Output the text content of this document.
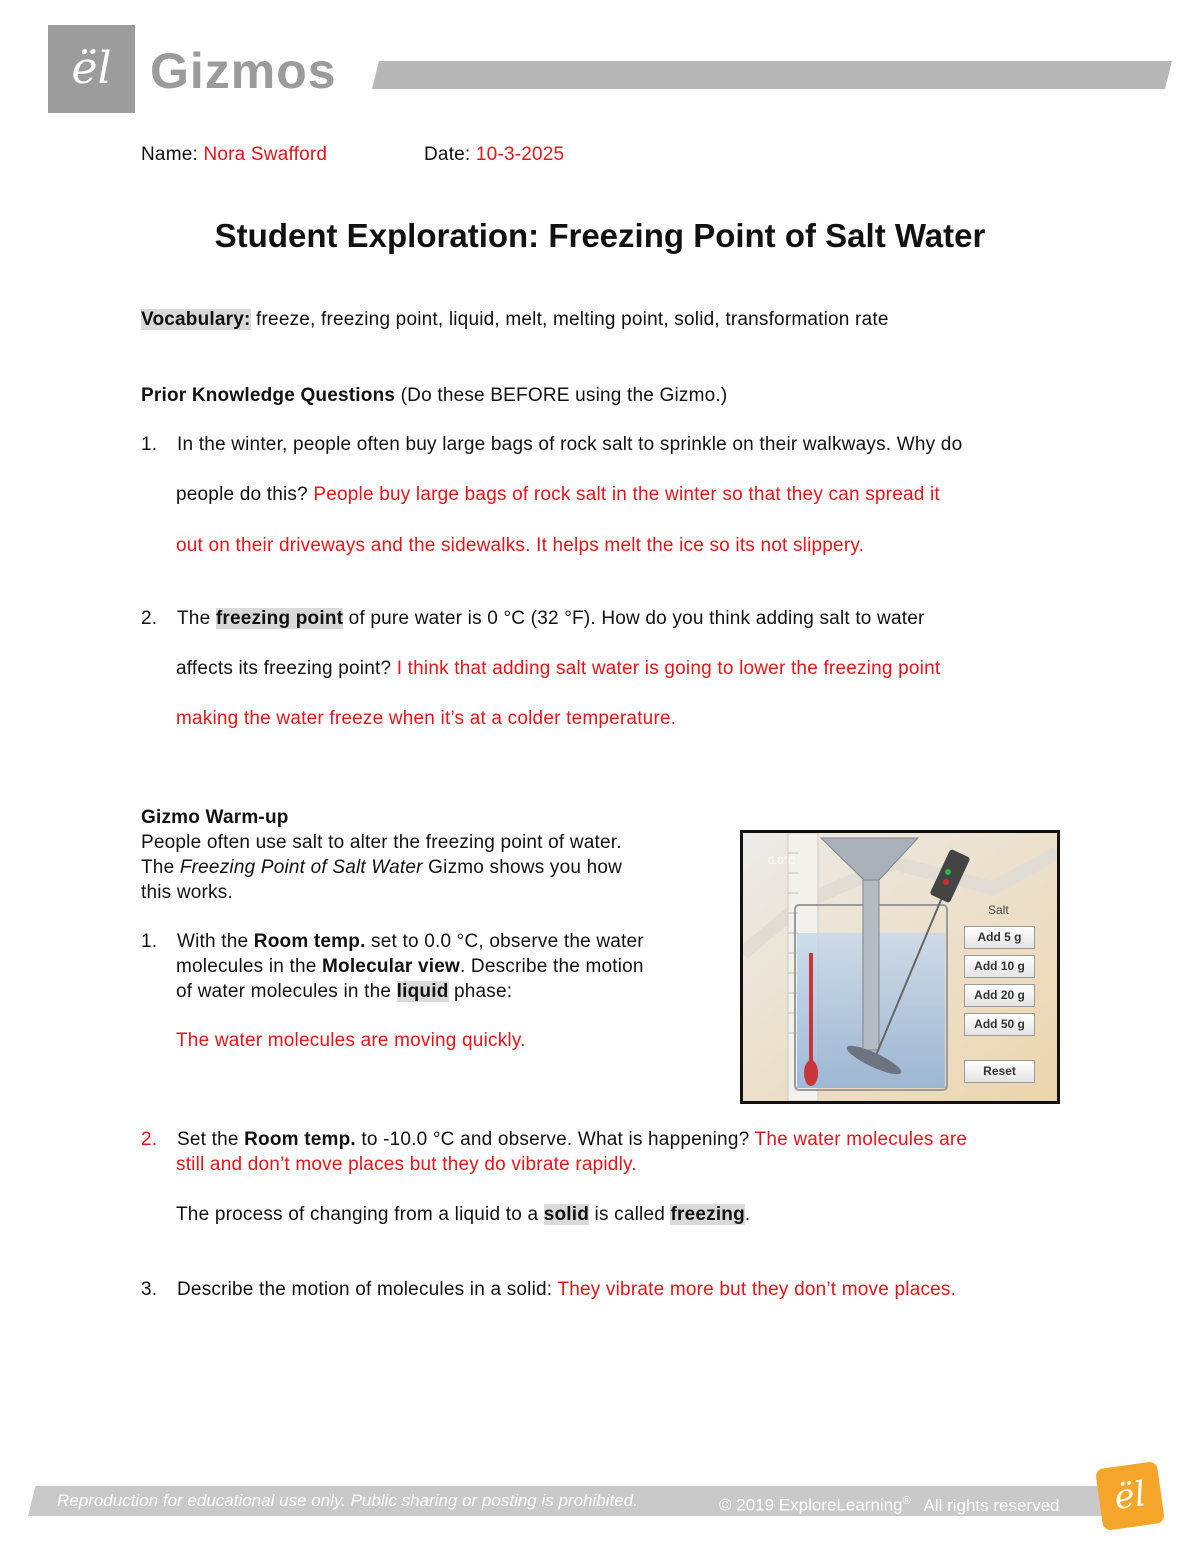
ël Gizmos
Name: Nora Swafford	Date: 10-3-2025
Student Exploration: Freezing Point of Salt Water
Vocabulary: freeze, freezing point, liquid, melt, melting point, solid, transformation rate
Prior Knowledge Questions (Do these BEFORE using the Gizmo.)
1. In the winter, people often buy large bags of rock salt to sprinkle on their walkways. Why do
people do this? People buy large bags of rock salt in the winter so that they can spread it
out on their driveways and the sidewalks. It helps melt the ice so its not slippery.
2. The freezing point of pure water is 0 °C (32 °F). How do you think adding salt to water
affects its freezing point? I think that adding salt water is going to lower the freezing point
making the water freeze when it’s at a colder temperature.
Gizmo Warm-up
People often use salt to alter the freezing point of water.
The Freezing Point of Salt Water Gizmo shows you how
this works.
1. With the Room temp. set to 0.0 °C, observe the water
molecules in the Molecular view. Describe the motion
of water molecules in the liquid phase:
The water molecules are moving quickly.
0.0°C
Salt
Add 5 g
Add 10 g
Add 20 g
Add 50 g
Reset
2. Set the Room temp. to -10.0 °C and observe. What is happening? The water molecules are
still and don’t move places but they do vibrate rapidly.
The process of changing from a liquid to a solid is called freezing.
3. Describe the motion of molecules in a solid: They vibrate more but they don’t move places.
Reproduction for educational use only. Public sharing or posting is prohibited.	© 2019 ExploreLearning® All rights reserved	ël
